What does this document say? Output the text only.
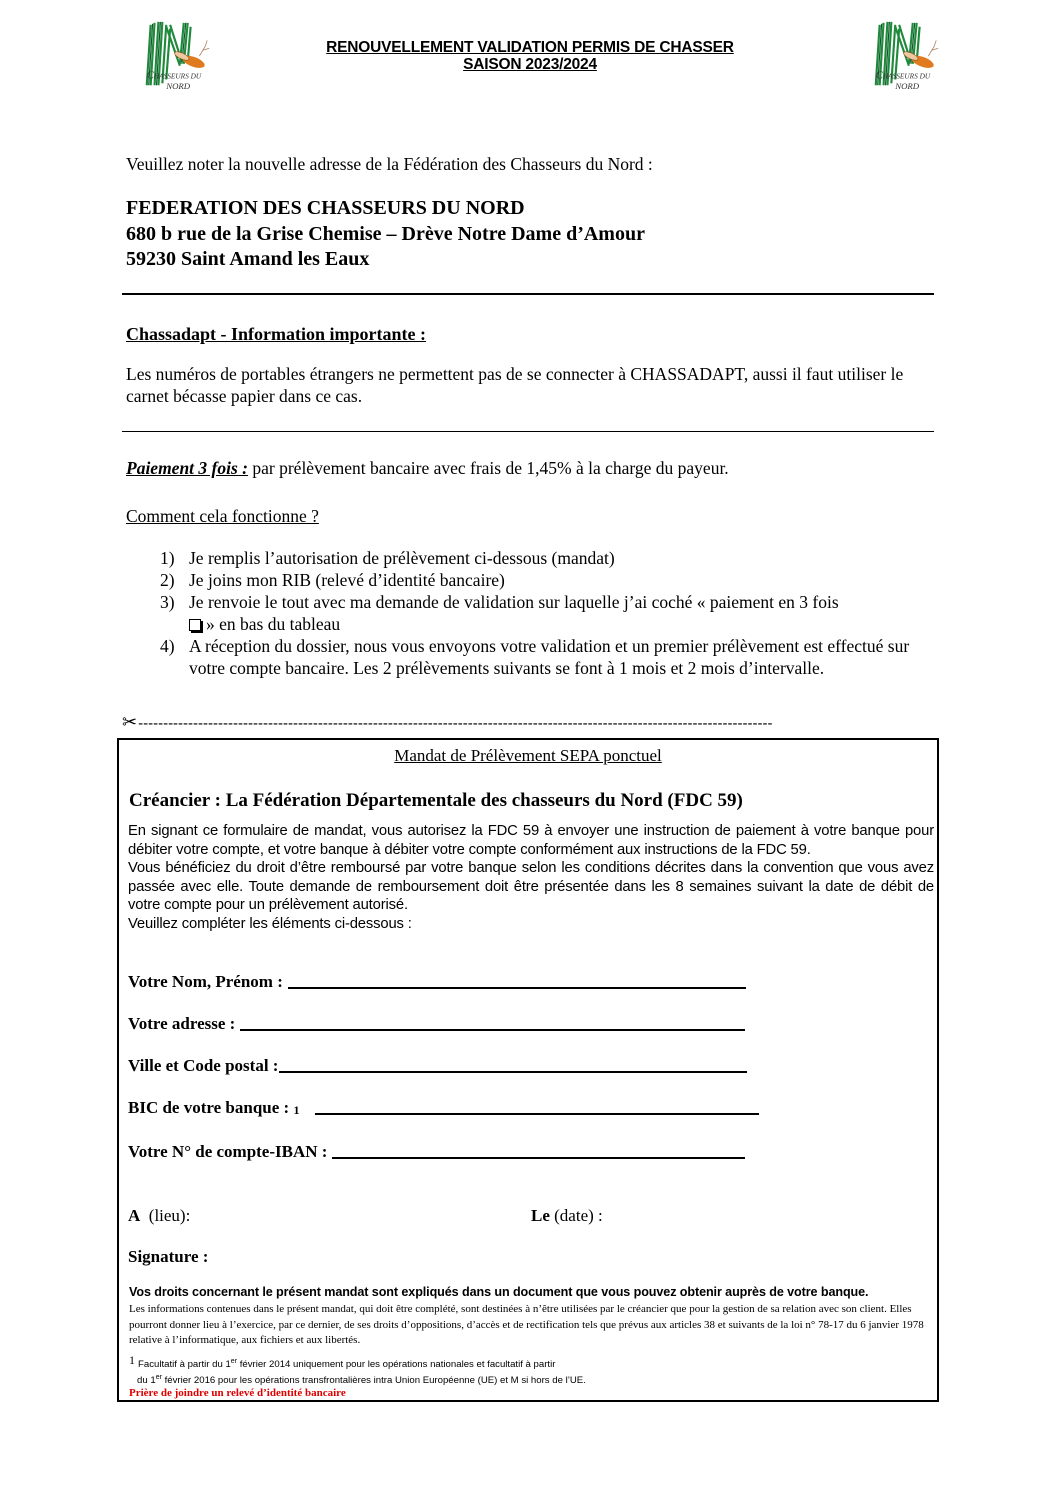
CHASSEURS DU
NORD
CHASSEURS DU
NORD
RENOUVELLEMENT VALIDATION PERMIS DE CHASSER
SAISON 2023/2024
Veuillez noter la nouvelle adresse de la Fédération des Chasseurs du Nord :
FEDERATION DES CHASSEURS DU NORD
680 b rue de la Grise Chemise – Drève Notre Dame d’Amour
59230 Saint Amand les Eaux
Chassadapt - Information importante :
Les numéros de portables étrangers ne permettent pas de se connecter à CHASSADAPT, aussi il faut utiliser le carnet bécasse papier dans ce cas.
Paiement 3 fois : par prélèvement bancaire avec frais de 1,45% à la charge du payeur.
Comment cela fonctionne ?
1) Je remplis l’autorisation de prélèvement ci-dessous (mandat)
2) Je joins mon RIB (relevé d’identité bancaire)
3) Je renvoie le tout avec ma demande de validation sur laquelle j’ai coché « paiement en 3 fois
» en bas du tableau
4) A réception du dossier, nous vous envoyons votre validation et un premier prélèvement est effectué sur votre compte bancaire. Les 2 prélèvements suivants se font à 1 mois et 2 mois d’intervalle.
✂-------------------------------------------------------------------------------------------------------------------------------
Mandat de Prélèvement SEPA ponctuel
Créancier : La Fédération Départementale des chasseurs du Nord (FDC 59)
En signant ce formulaire de mandat, vous autorisez la FDC 59 à envoyer une instruction de paiement à votre banque pour débiter votre compte, et votre banque à débiter votre compte conformément aux instructions de la FDC 59.
Vous bénéficiez du droit d’être remboursé par votre banque selon les conditions décrites dans la convention que vous avez passée avec elle. Toute demande de remboursement doit être présentée dans les 8 semaines suivant la date de débit de votre compte pour un prélèvement autorisé.
Veuillez compléter les éléments ci-dessous :
Votre Nom, Prénom :
Votre adresse :
Ville et Code postal :
BIC de votre banque :
1
Votre N° de compte-IBAN :
A
(lieu):	Le
(date) :
Signature :
Vos droits concernant le présent mandat sont expliqués dans un document que vous pouvez obtenir auprès de votre banque.
Les informations contenues dans le présent mandat, qui doit être complété, sont destinées à n’être utilisées par le créancier que pour la gestion de sa relation avec son client. Elles pourront donner lieu à l’exercice, par ce dernier, de ses droits d’oppositions, d’accès et de rectification tels que prévus aux articles 38 et suivants de la loi n° 78-17 du 6 janvier 1978 relative à l’informatique, aux fichiers et aux libertés.
1 Facultatif à partir du 1er février 2014 uniquement pour les opérations nationales et facultatif à partir
du 1er février 2016 pour les opérations transfrontalières intra Union Européenne (UE) et M si hors de l’UE.
Prière de joindre un relevé d’identité bancaire
